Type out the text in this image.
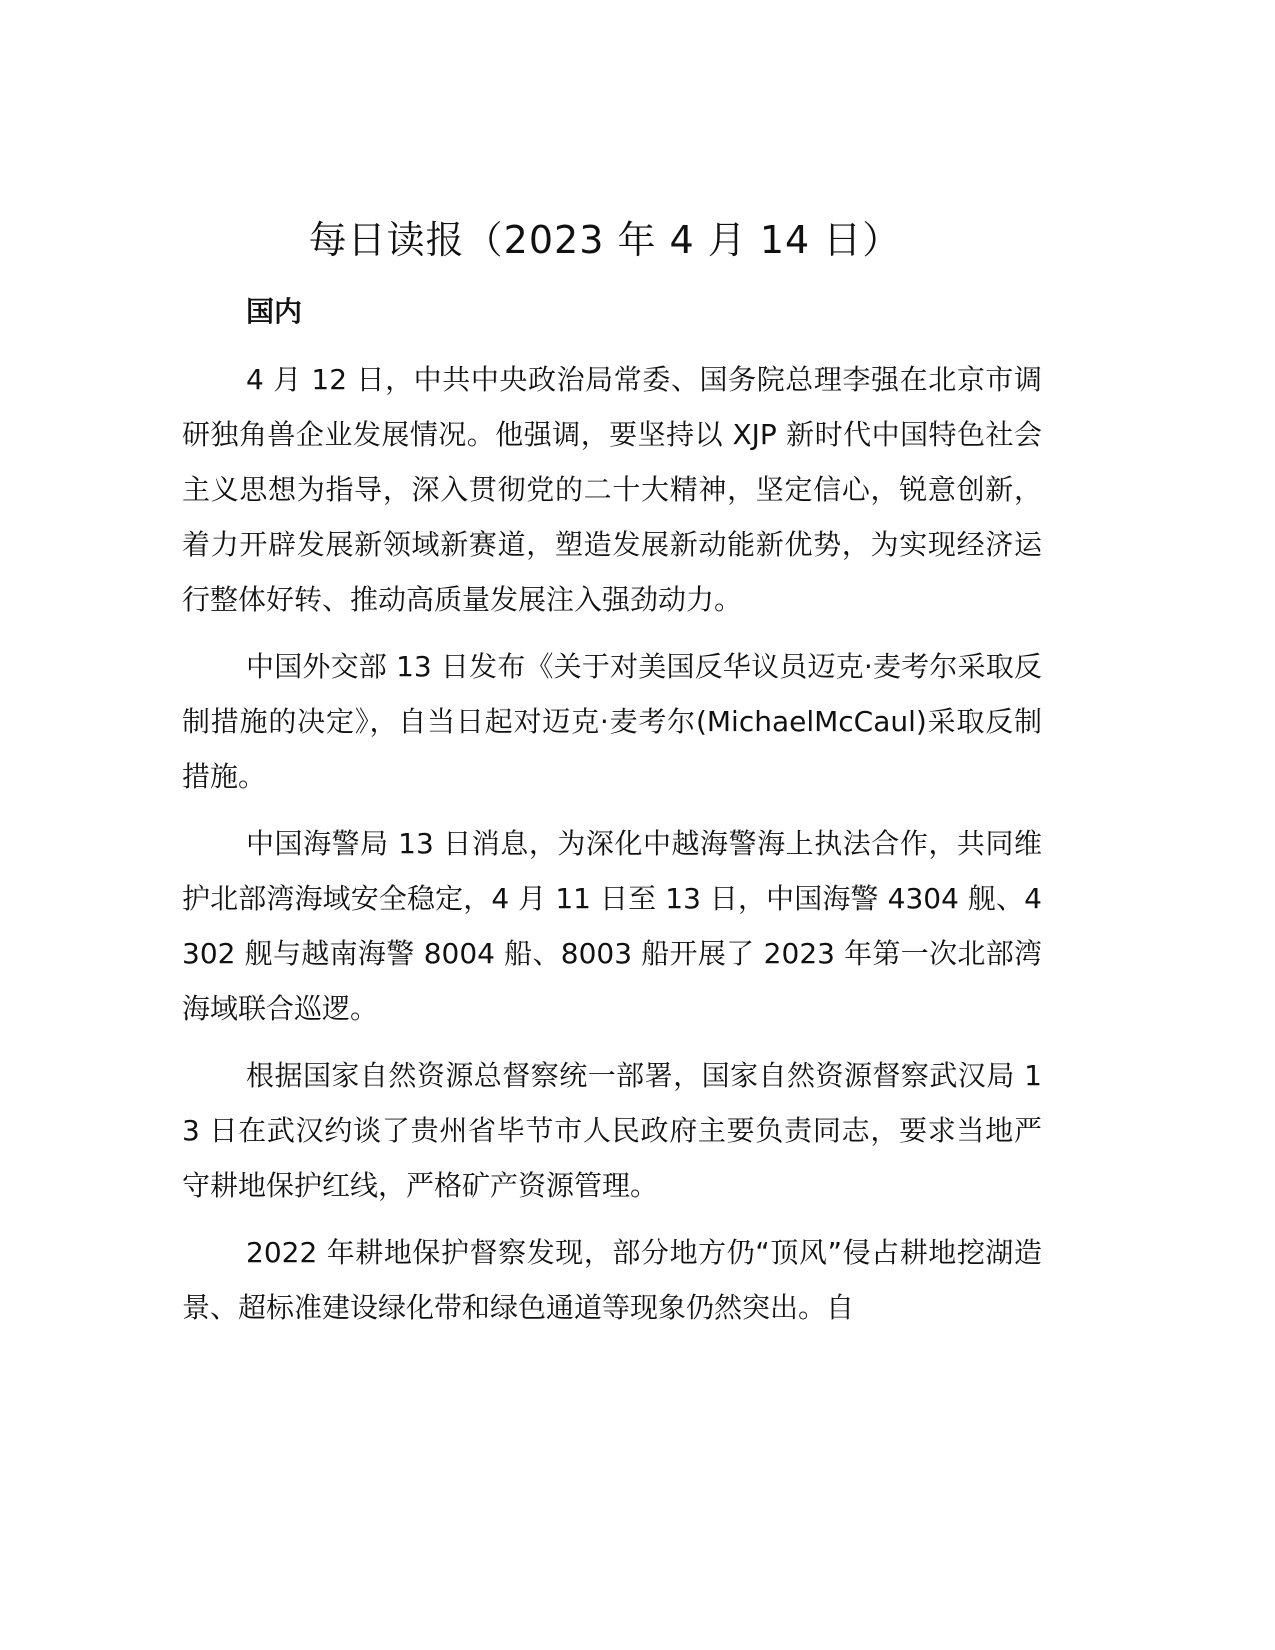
每日读报（2023 年 4 月 14 日）

国内

4 月 12 日，中共中央政治局常委、国务院总理李强在北京市调研独角兽企业发展情况。他强调，要坚持以 XJP 新时代中国特色社会主义思想为指导，深入贯彻党的二十大精神，坚定信心，锐意创新，着力开辟发展新领域新赛道，塑造发展新动能新优势，为实现经济运行整体好转、推动高质量发展注入强劲动力。

中国外交部 13 日发布《关于对美国反华议员迈克·麦考尔采取反制措施的决定》，自当日起对迈克·麦考尔(MichaelMcCaul)采取反制措施。

中国海警局 13 日消息，为深化中越海警海上执法合作，共同维护北部湾海域安全稳定，4 月 11 日至 13 日，中国海警 4304 舰、4302 舰与越南海警 8004 船、8003 船开展了 2023 年第一次北部湾海域联合巡逻。

根据国家自然资源总督察统一部署，国家自然资源督察武汉局 13 日在武汉约谈了贵州省毕节市人民政府主要负责同志，要求当地严守耕地保护红线，严格矿产资源管理。

2022 年耕地保护督察发现，部分地方仍“顶风”侵占耕地挖湖造景、超标准建设绿化带和绿色通道等现象仍然突出。自
